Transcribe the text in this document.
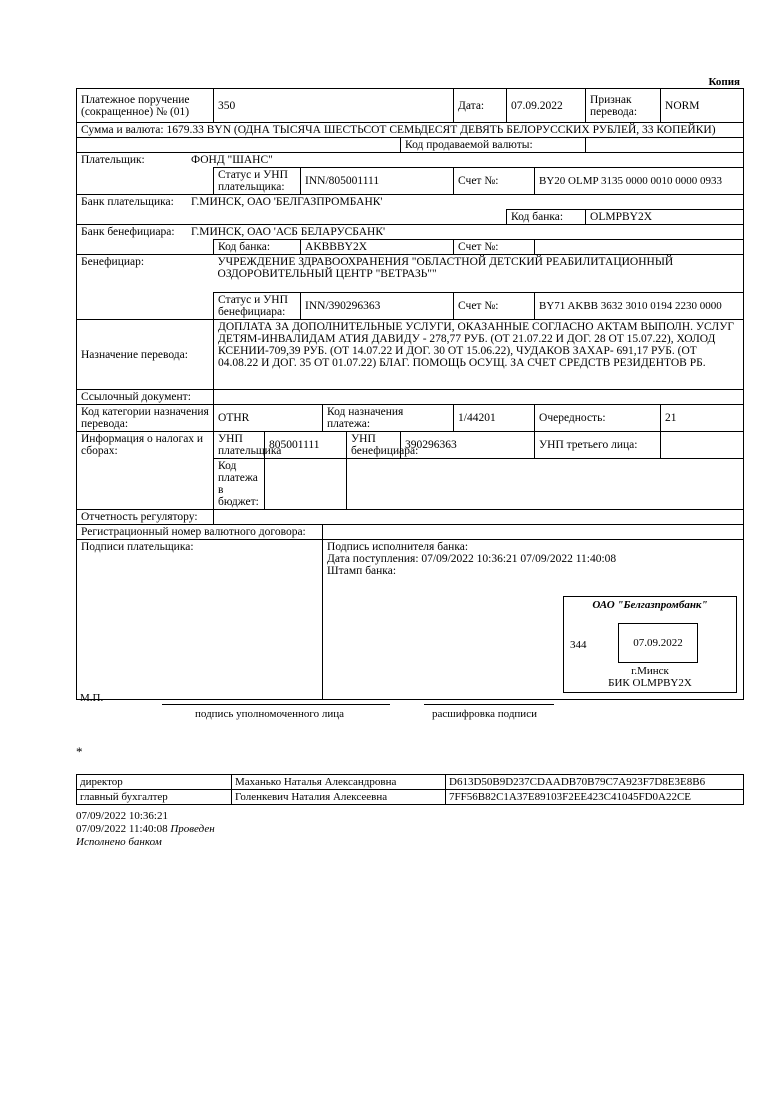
Копия
Платежное поручение (сокращенное) № (01)	350						Дата:	07.09.2022		Признак перевода:	NORM
Сумма и валюта: 1679.33 BYN (ОДНА ТЫСЯЧА ШЕСТЬСОТ СЕМЬДЕСЯТ ДЕВЯТЬ БЕЛОРУССКИХ РУБЛЕЙ, 33 КОПЕЙКИ)											
						Код продаваемой валюты:					
Плательщик: ФОНД "ШАНС"											
	Статус и УНП плательщика:		INN/805001111				Счет №:		BY20 OLMP 3135 0000 0010 0000 0933		
Банк плательщика: Г.МИНСК, ОАО 'БЕЛГАЗПРОМБАНК'											
								Код банка:		OLMPBY2X	
Банк бенефициара: Г.МИНСК, ОАО 'АСБ БЕЛАРУСБАНК'											
	Код банка:		AKBBBY2X				Счет №:				
Бенефициар:	УЧРЕЖДЕНИЕ ЗДРАВООХРАНЕНИЯ "ОБЛАСТНОЙ ДЕТСКИЙ РЕАБИЛИТАЦИОННЫЙ ОЗДОРОВИТЕЛЬНЫЙ ЦЕНТР "ВЕТРАЗЬ""										
	Статус и УНП бенефициара:		INN/390296363				Счет №:		BY71 AKBB 3632 3010 0194 2230 0000		
Назначение перевода:	ДОПЛАТА ЗА ДОПОЛНИТЕЛЬНЫЕ УСЛУГИ, ОКАЗАННЫЕ СОГЛАСНО АКТАМ ВЫПОЛН. УСЛУГ ДЕТЯМ-ИНВАЛИДАМ АТИЯ ДАВИДУ - 278,77 РУБ. (ОТ 21.07.22 И ДОГ. 28 ОТ 15.07.22), ХОЛОД КСЕНИИ-709,39 РУБ. (ОТ 14.07.22 И ДОГ. 30 ОТ 15.06.22), ЧУДАКОВ ЗАХАР- 691,17 РУБ. (ОТ 04.08.22 И ДОГ. 35 ОТ 01.07.22) БЛАГ. ПОМОЩЬ ОСУЩ. ЗА СЧЕТ СРЕДСТВ РЕЗИДЕНТОВ РБ.										
Ссылочный документ:											
Код категории назначения перевода:	OTHR			Код назначения платежа:			1/44201		Очередность:		21
Информация о налогах и сборах:	УНП плательщика	805001111			УНП бенефициара:	390296363			УНП третьего лица:		
	Код платежа в бюджет:										
Отчетность регулятору:											
Регистрационный номер валютного договора:											
Подписи плательщика:				Подпись исполнителя банка:
Дата поступления: 07/09/2022 10:36:21 07/09/2022 11:40:08
Штамп банка:							
ОАО "Белгазпромбанк"
344	07.09.2022
г.Минск
БИК OLMPBY2X
М.П.
подпись уполномоченного лица	расшифровка подписи
*
директор	Маханько Наталья Александровна	D613D50B9D237CDAADB70B79C7A923F7D8E3E8B6
главный бухгалтер	Голенкевич Наталия Алексеевна	7FF56B82C1A37E89103F2EE423C41045FD0A22CE
07/09/2022 10:36:21
07/09/2022 11:40:08 Проведен
Исполнено банком
